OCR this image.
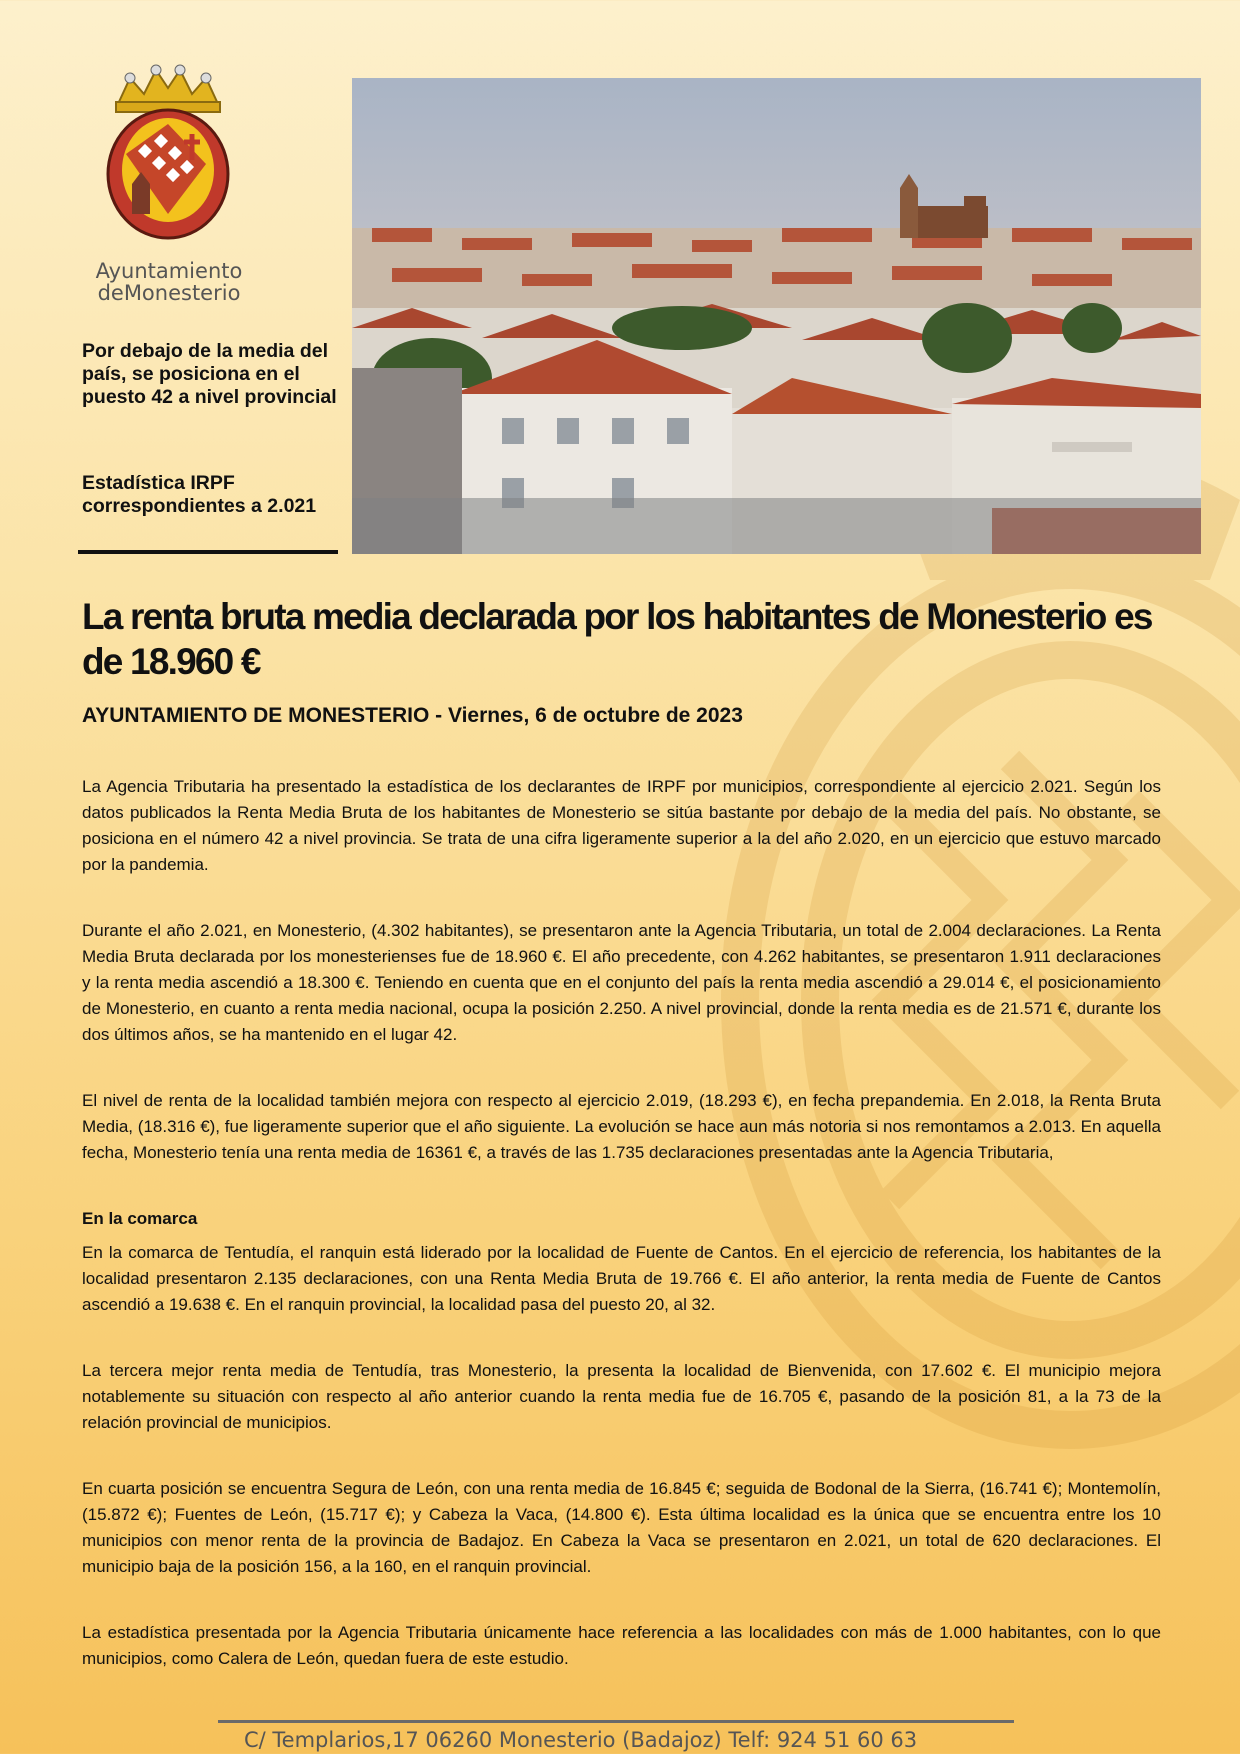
Ayuntamiento
deMonesterio
Por debajo de la media del país, se posiciona en el puesto 42 a nivel provincial
Estadística IRPF correspondientes a 2.021
La renta bruta media declarada por los habitantes de Monesterio es de 18.960 €
AYUNTAMIENTO DE MONESTERIO - Viernes, 6 de octubre de 2023

La Agencia Tributaria ha presentado la estadística de los declarantes de IRPF por municipios, correspondiente al ejercicio 2.021. Según los datos publicados la Renta Media Bruta de los habitantes de Monesterio se sitúa bastante por debajo de la media del país. No obstante, se posiciona en el número 42 a nivel provincia. Se trata de una cifra ligeramente superior a la del año 2.020, en un ejercicio que estuvo marcado por la pandemia.

Durante el año 2.021, en Monesterio, (4.302 habitantes), se presentaron ante la Agencia Tributaria, un total de 2.004 declaraciones. La Renta Media Bruta declarada por los monesterienses fue de 18.960 €. El año precedente, con 4.262 habitantes, se presentaron 1.911 declaraciones y la renta media ascendió a 18.300 €. Teniendo en cuenta que en el conjunto del país la renta media ascendió a 29.014 €, el posicionamiento de Monesterio, en cuanto a renta media nacional, ocupa la posición 2.250. A nivel provincial, donde la renta media es de 21.571 €, durante los dos últimos años, se ha mantenido en el lugar 42.

El nivel de renta de la localidad también mejora con respecto al ejercicio 2.019, (18.293 €), en fecha prepandemia. En 2.018, la Renta Bruta Media, (18.316 €), fue ligeramente superior que el año siguiente. La evolución se hace aun más notoria si nos remontamos a 2.013. En aquella fecha, Monesterio tenía una renta media de 16361 €, a través de las 1.735 declaraciones presentadas ante la Agencia Tributaria,

En la comarca

En la comarca de Tentudía, el ranquin está liderado por la localidad de Fuente de Cantos. En el ejercicio de referencia, los habitantes de la localidad presentaron 2.135 declaraciones, con una Renta Media Bruta de 19.766 €. El año anterior, la renta media de Fuente de Cantos ascendió a 19.638 €. En el ranquin provincial, la localidad pasa del puesto 20, al 32.

La tercera mejor renta media de Tentudía, tras Monesterio, la presenta la localidad de Bienvenida, con 17.602 €. El municipio mejora notablemente su situación con respecto al año anterior cuando la renta media fue de 16.705 €, pasando de la posición 81, a la 73 de la relación provincial de municipios.

En cuarta posición se encuentra Segura de León, con una renta media de 16.845 €; seguida de Bodonal de la Sierra, (16.741 €); Montemolín, (15.872 €); Fuentes de León, (15.717 €); y Cabeza la Vaca, (14.800 €). Esta última localidad es la única que se encuentra entre los 10 municipios con menor renta de la provincia de Badajoz. En Cabeza la Vaca se presentaron en 2.021, un total de 620 declaraciones. El municipio baja de la posición 156, a la 160, en el ranquin provincial.

La estadística presentada por la Agencia Tributaria únicamente hace referencia a las localidades con más de 1.000 habitantes, con lo que municipios, como Calera de León, quedan fuera de este estudio.

C/ Templarios,17 06260 Monesterio (Badajoz) Telf: 924 51 60 63
